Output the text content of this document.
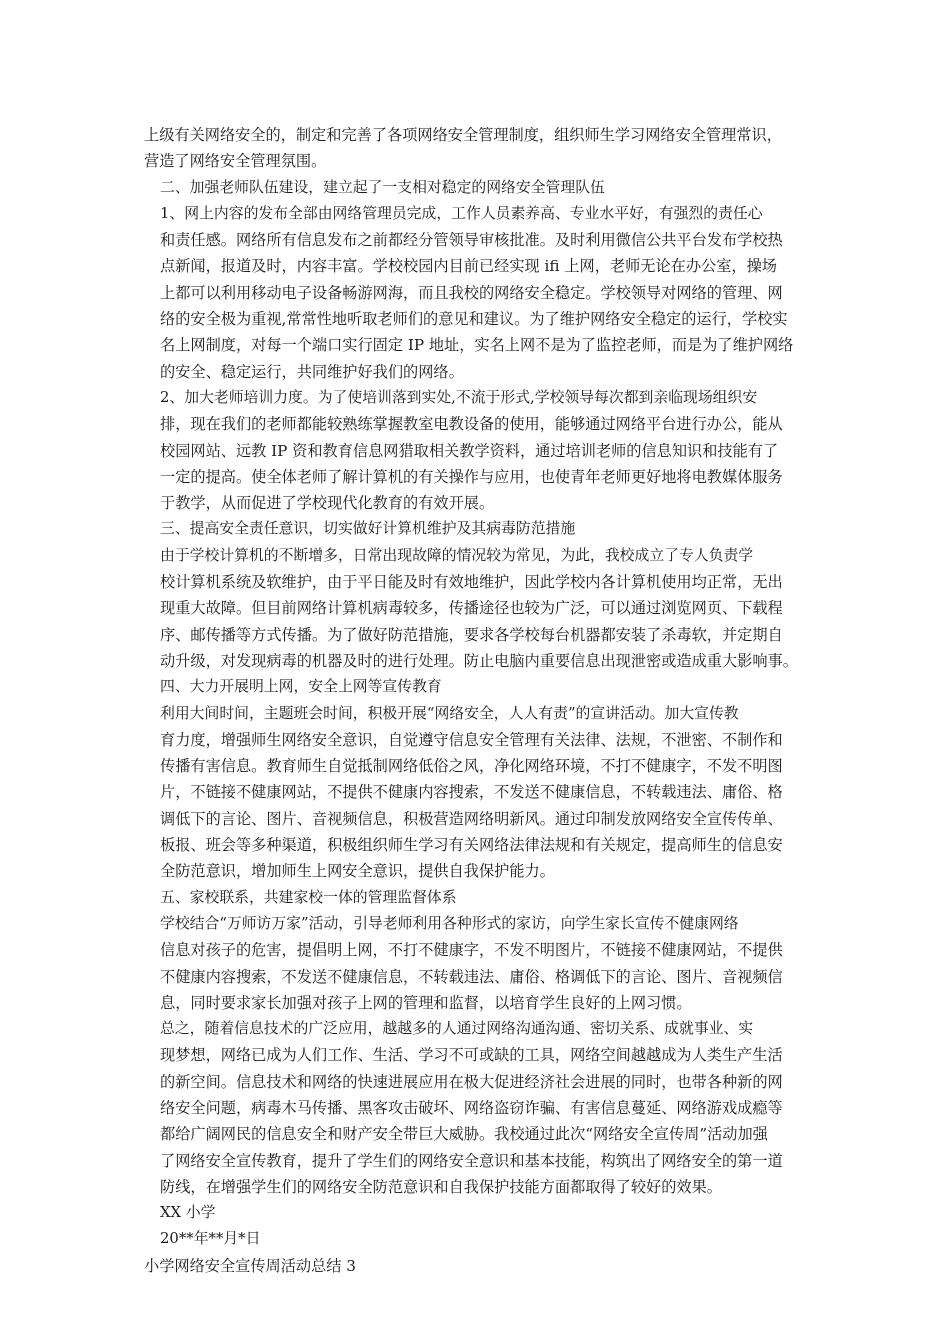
上级有关网络安全的，制定和完善了各项网络安全管理制度，组织师生学习网络安全管理常识，
营造了网络安全管理氛围。

二、加强老师队伍建设，建立起了一支相对稳定的网络安全管理队伍

1、网上内容的发布全部由网络管理员完成，工作人员素养高、专业水平好，有强烈的责任心
和责任感。网络所有信息发布之前都经分管领导审核批准。及时利用微信公共平台发布学校热
点新闻，报道及时，内容丰富。学校校园内目前已经实现 ifi 上网，老师无论在办公室，操场
上都可以利用移动电子设备畅游网海，而且我校的网络安全稳定。学校领导对网络的管理、网
络的安全极为重视,常常性地听取老师们的意见和建议。为了维护网络安全稳定的运行，学校实
名上网制度，对每一个端口实行固定 IP 地址，实名上网不是为了监控老师，而是为了维护网络
的安全、稳定运行，共同维护好我们的网络。

2、加大老师培训力度。为了使培训落到实处,不流于形式,学校领导每次都到亲临现场组织安
排，现在我们的老师都能较熟练掌握教室电教设备的使用，能够通过网络平台进行办公，能从
校园网站、远教 IP 资和教育信息网猎取相关教学资料，通过培训老师的信息知识和技能有了
一定的提高。使全体老师了解计算机的有关操作与应用，也使青年老师更好地将电教媒体服务
于教学，从而促进了学校现代化教育的有效开展。

三、提高安全责任意识，切实做好计算机维护及其病毒防范措施

由于学校计算机的不断增多，日常出现故障的情况较为常见，为此，我校成立了专人负责学
校计算机系统及软维护，由于平日能及时有效地维护，因此学校内各计算机使用均正常，无出
现重大故障。但目前网络计算机病毒较多，传播途径也较为广泛，可以通过浏览网页、下载程
序、邮传播等方式传播。为了做好防范措施，要求各学校每台机器都安装了杀毒软，并定期自
动升级，对发现病毒的机器及时的进行处理。防止电脑内重要信息出现泄密或造成重大影响事。

四、大力开展明上网，安全上网等宣传教育

利用大间时间，主题班会时间，积极开展“网络安全，人人有责”的宣讲活动。加大宣传教
育力度，增强师生网络安全意识，自觉遵守信息安全管理有关法律、法规，不泄密、不制作和
传播有害信息。教育师生自觉抵制网络低俗之风，净化网络环境，不打不健康字，不发不明图
片，不链接不健康网站，不提供不健康内容搜索，不发送不健康信息，不转载违法、庸俗、格
调低下的言论、图片、音视频信息，积极营造网络明新风。通过印制发放网络安全宣传传单、
板报、班会等多种渠道，积极组织师生学习有关网络法律法规和有关规定，提高师生的信息安
全防范意识，增加师生上网安全意识，提供自我保护能力。

五、家校联系，共建家校一体的管理监督体系

学校结合“万师访万家”活动，引导老师利用各种形式的家访，向学生家长宣传不健康网络
信息对孩子的危害，提倡明上网，不打不健康字，不发不明图片，不链接不健康网站，不提供
不健康内容搜索，不发送不健康信息，不转载违法、庸俗、格调低下的言论、图片、音视频信
息，同时要求家长加强对孩子上网的管理和监督，以培育学生良好的上网习惯。

总之，随着信息技术的广泛应用，越越多的人通过网络沟通沟通、密切关系、成就事业、实
现梦想，网络已成为人们工作、生活、学习不可或缺的工具，网络空间越越成为人类生产生活
的新空间。信息技术和网络的快速进展应用在极大促进经济社会进展的同时，也带各种新的网
络安全问题，病毒木马传播、黑客攻击破坏、网络盗窃诈骗、有害信息蔓延、网络游戏成瘾等
都给广阔网民的信息安全和财产安全带巨大威胁。我校通过此次“网络安全宣传周”活动加强
了网络安全宣传教育，提升了学生们的网络安全意识和基本技能，构筑出了网络安全的第一道
防线，在增强学生们的网络安全防范意识和自我保护技能方面都取得了较好的效果。

XX 小学

20**年**月*日

小学网络安全宣传周活动总结 3
